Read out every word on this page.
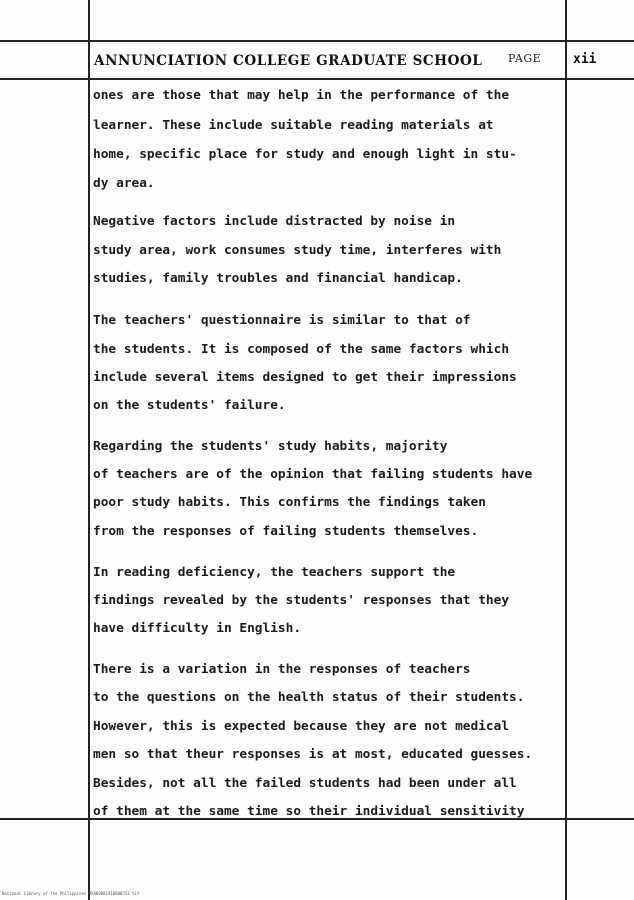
ANNUNCIATION COLLEGE GRADUATE SCHOOL PAGE xii
ones are those that may help in the performance of the
learner. These include suitable reading materials at
home, specific place for study and enough light in stu-
dy area.
Negative factors include distracted by noise in
study area, work consumes study time, interferes with
studies, family troubles and financial handicap.
The teachers' questionnaire is similar to that of
the students. It is composed of the same factors which
include several items designed to get their impressions
on the students' failure.
Regarding the students' study habits, majority
of teachers are of the opinion that failing students have
poor study habits. This confirms the findings taken
from the responses of failing students themselves.
In reading deficiency, the teachers support the
findings revealed by the students' responses that they
have difficulty in English.
There is a variation in the responses of teachers
to the questions on the health status of their students.
However, this is expected because they are not medical
men so that theur responses is at most, educated guesses.
Besides, not all the failed students had been under all
of them at the same time so their individual sensitivity
National Library of the Philippines MSA00081910000553 tif
